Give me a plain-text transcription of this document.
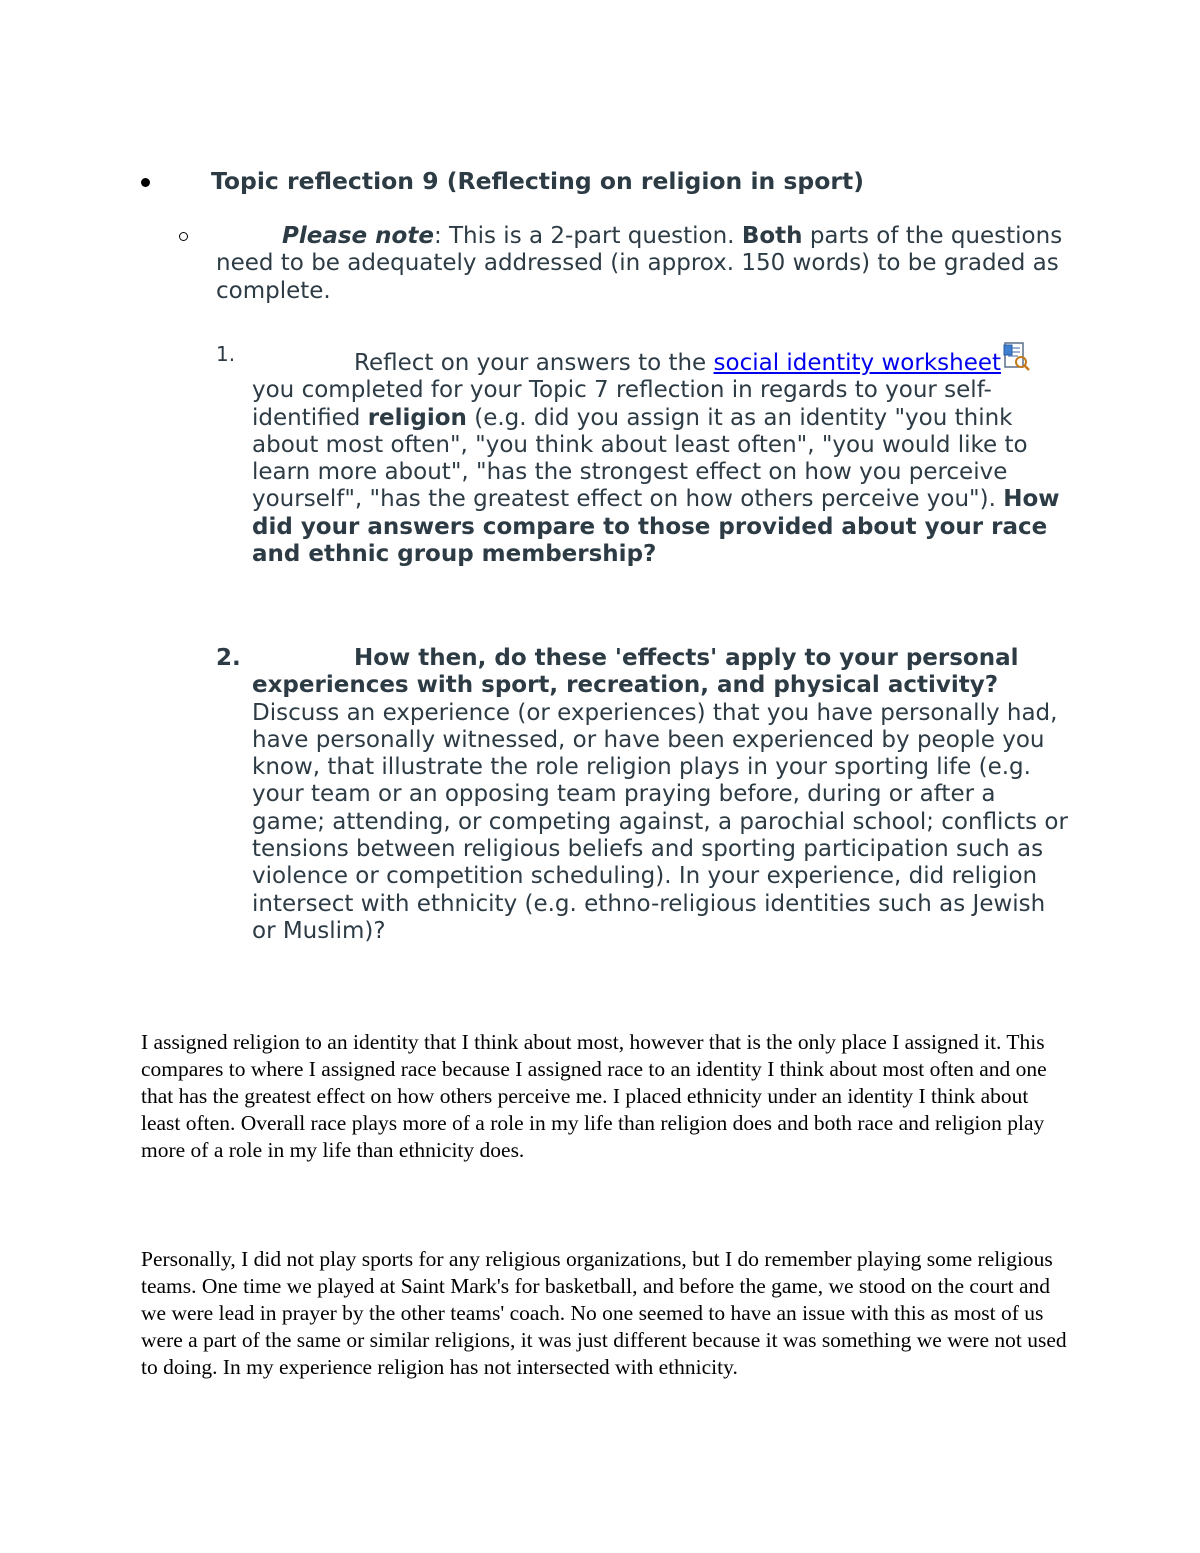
Topic reflection 9 (Reflecting on religion in sport)
Please note: This is a 2-part question. Both parts of the questions need to be adequately addressed (in approx. 150 words) to be graded as complete.
1.	Reflect on your answers to the social identity worksheet you completed for your Topic 7 reflection in regards to your self-identified religion (e.g. did you assign it as an identity "you think about most often", "you think about least often", "you would like to learn more about", "has the strongest effect on how you perceive yourself", "has the greatest effect on how others perceive you"). How did your answers compare to those provided about your race and ethnic group membership?
2.	How then, do these 'effects' apply to your personal experiences with sport, recreation, and physical activity? Discuss an experience (or experiences) that you have personally had, have personally witnessed, or have been experienced by people you know, that illustrate the role religion plays in your sporting life (e.g. your team or an opposing team praying before, during or after a game; attending, or competing against, a parochial school; conflicts or tensions between religious beliefs and sporting participation such as violence or competition scheduling). In your experience, did religion intersect with ethnicity (e.g. ethno-religious identities such as Jewish or Muslim)?
I assigned religion to an identity that I think about most, however that is the only place I assigned it. This compares to where I assigned race because I assigned race to an identity I think about most often and one that has the greatest effect on how others perceive me. I placed ethnicity under an identity I think about least often. Overall race plays more of a role in my life than religion does and both race and religion play more of a role in my life than ethnicity does.
Personally, I did not play sports for any religious organizations, but I do remember playing some religious teams. One time we played at Saint Mark's for basketball, and before the game, we stood on the court and we were lead in prayer by the other teams' coach. No one seemed to have an issue with this as most of us were a part of the same or similar religions, it was just different because it was something we were not used to doing. In my experience religion has not intersected with ethnicity.
